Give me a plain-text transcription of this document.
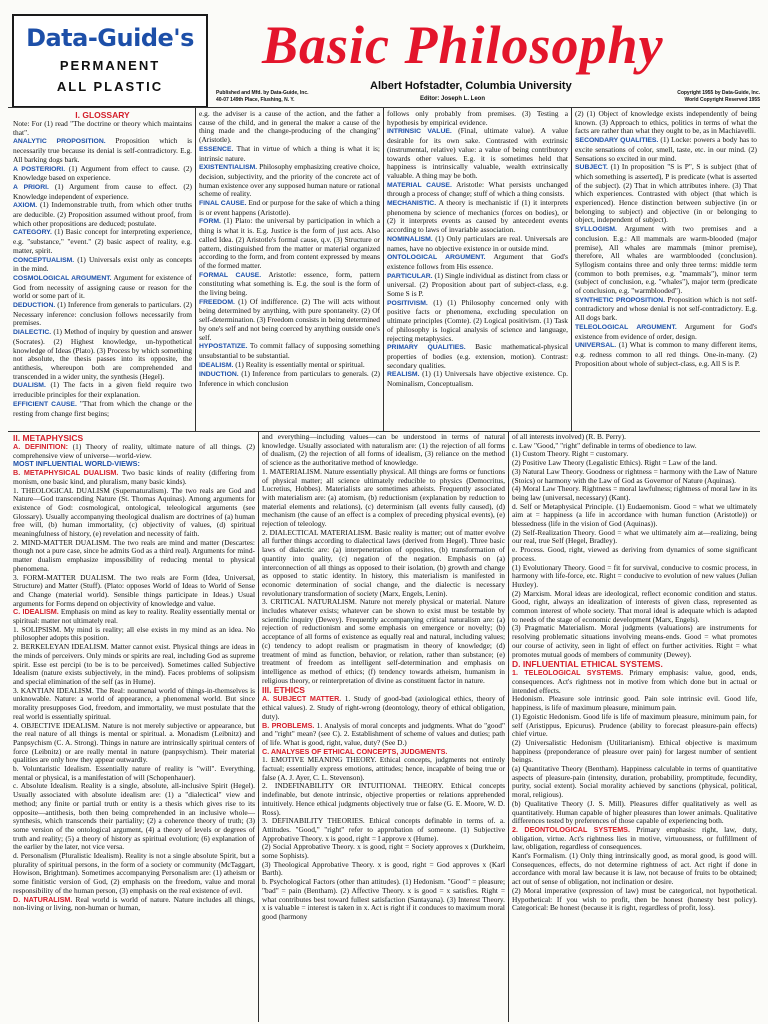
Data-Guide's
PERMANENT
ALL PLASTIC
Basic Philosophy
Albert Hofstadter, Columbia University
Editor: Joseph L. Leon
Published and Mfd. by Data-Guide, Inc.
40-07 149th Place, Flushing, N. Y.
Copyright 1955 by Data-Guide, Inc.
World Copyright Reserved 1955
I. GLOSSARY

Note: For (1) read "The doctrine or theory which maintains that".

ANALYTIC PROPOSITION. Proposition which is necessarily true because its denial is self-contradictory. E.g. All barking dogs bark.

A POSTERIORI. (1) Argument from effect to cause. (2) Knowledge based on experience.

A PRIORI. (1) Argument from cause to effect. (2) Knowledge independent of experience.

AXIOM. (1) Indemonstrable truth, from which other truths are deducible. (2) Proposition assumed without proof, from which other propositions are deduced; postulate.

CATEGORY. (1) Basic concept for interpreting experience, e.g. "substance," "event." (2) basic aspect of reality, e.g. matter, spirit.

CONCEPTUALISM. (1) Universals exist only as concepts in the mind.

COSMOLOGICAL ARGUMENT. Argument for existence of God from necessity of assigning cause or reason for the world or some part of it.

DEDUCTION. (1) Inference from generals to particulars. (2) Necessary inference: conclusion follows necessarily from premises.

DIALECTIC. (1) Method of inquiry by question and answer (Socrates). (2) Highest knowledge, un-hypothetical knowledge of Ideas (Plato). (3) Process by which something not absolute, the thesis passes into its opposite, the antithesis, whereupon both are comprehended and transcended in a wider unity, the synthesis (Hegel).

DUALISM. (1) The facts in a given field require two irreducible principles for their explanation.

EFFICIENT CAUSE. "That from which the change or the resting from change first begins;

e.g. the adviser is a cause of the action, and the father a cause of the child, and in general the maker a cause of the thing made and the change-producing of the changing" (Aristotle).

ESSENCE. That in virtue of which a thing is what it is; intrinsic nature.

EXISTENTIALISM. Philosophy emphasizing creative choice, decision, subjectivity, and the priority of the concrete act of human existence over any supposed human nature or rational scheme of reality.

FINAL CAUSE. End or purpose for the sake of which a thing is or event happens (Aristotle).

FORM. (1) Plato: the universal by participation in which a thing is what it is. E.g. Justice is the form of just acts. Also called Idea. (2) Aristotle's formal cause, q.v. (3) Structure or pattern, distinguished from the matter or material organized according to the form, and from content expressed by means of the formed matter.

FORMAL CAUSE. Aristotle: essence, form, pattern constituting what something is. E.g. the soul is the form of the living being.

FREEDOM. (1) Of indifference. (2) The will acts without being determined by anything, with pure spontaneity. (2) Of self-determination. (3) Freedom consists in being determined by one's self and not being coerced by anything outside one's self.

HYPOSTATIZE. To commit fallacy of supposing something unsubstantial to be substantial.

IDEALISM. (1) Reality is essentially mental or spiritual.

INDUCTION. (1) Inference from particulars to generals. (2) Inference in which conclusion

follows only probably from premises. (3) Testing a hypothesis by empirical evidence.

INTRINSIC VALUE. (Final, ultimate value). A value desirable for its own sake. Contrasted with extrinsic (instrumental, relative) value: a value of being contributory towards other values. E.g. it is sometimes held that happiness is intrinsically valuable, wealth extrinsically valuable. A thing may be both.

MATERIAL CAUSE. Aristotle: What persists unchanged through a process of change; stuff of which a thing consists.

MECHANISTIC. A theory is mechanistic if (1) it interprets phenomena by science of mechanics (forces on bodies), or (2) it interprets events as caused by antecedent events according to laws of invariable association.

NOMINALISM. (1) Only particulars are real. Universals are names, have no objective existence in or outside mind.

ONTOLOGICAL ARGUMENT. Argument that God's existence follows from His essence.

PARTICULAR. (1) Single individual as distinct from class or universal. (2) Proposition about part of subject-class, e.g. Some S is P.

POSITIVISM. (1) (1) Philosophy concerned only with positive facts or phenomena, excluding speculation on ultimate principles (Comte). (2) Logical positivism. (1) Task of philosophy is logical analysis of science and language, rejecting metaphysics.

PRIMARY QUALITIES. Basic mathematical-physical properties of bodies (e.g. extension, motion). Contrast: secondary qualities.

REALISM. (1) (1) Universals have objective existence. Cp. Nominalism, Conceptualism.

(2) (1) Object of knowledge exists independently of being known. (3) Approach to ethics, politics in terms of what the facts are rather than what they ought to be, as in Machiavelli.

SECONDARY QUALITIES. (1) Locke: powers a body has to excite sensations of color, smell, taste, etc. in our mind. (2) Sensations so excited in our mind.

SUBJECT. (1) In proposition "S is P", S is subject (that of which something is asserted), P is predicate (what is asserted of the subject). (2) That in which attributes inhere. (3) That which experiences. Contrasted with object (that which is experienced). Hence distinction between subjective (in or belonging to subject) and objective (in or belonging to object, independent of subject).

SYLLOGISM. Argument with two premises and a conclusion. E.g.: All mammals are warm-blooded (major premise), All whales are mammals (minor premise), therefore, All whales are warmblooded (conclusion). Syllogism contains three and only three terms: middle term (common to both premises, e.g. "mammals"), minor term (subject of conclusion, e.g. "whales"), major term (predicate of conclusion, e.g. "warmblooded").

SYNTHETIC PROPOSITION. Proposition which is not self-contradictory and whose denial is not self-contradictory. E.g. All dogs bark.

TELEOLOGICAL ARGUMENT. Argument for God's existence from evidence of order, design.

UNIVERSAL. (1) What is common to many different items, e.g. redness common to all red things. One-in-many. (2) Proposition about whole of subject-class, e.g. All S is P.

II. METAPHYSICS

A. DEFINITION: (1) Theory of reality, ultimate nature of all things. (2) comprehensive view of universe—world-view.

MOST INFLUENTIAL WORLD-VIEWS:

B. METAPHYSICAL DUALISM. Two basic kinds of reality (differing from monism, one basic kind, and pluralism, many basic kinds).

1. THEOLOGICAL DUALISM (Supernaturalism). The two reals are God and Nature—God transcending Nature (St. Thomas Aquinas). Among arguments for existence of God: cosmological, ontological, teleological arguments (see Glossary). Usually accompanying theological dualism are doctrines of (a) human free will, (b) human immortality, (c) objectivity of values, (d) spiritual meaningfulness of history, (e) revelation and necessity of faith.

2. MIND-MATTER DUALISM. The two reals are mind and matter (Descartes: though not a pure case, since he admits God as a third real). Arguments for mind-matter dualism emphasize impossibility of reducing mental to physical phenomena.

3. FORM-MATTER DUALISM. The two reals are Form (Idea, Universal, Structure) and Matter (Stuff). (Plato: opposes World of Ideas to World of Sense and Change (material world). Sensible things participate in Ideas.) Usual arguments for Forms depend on objectivity of knowledge and value.

C. IDEALISM. Emphasis on mind as key to reality. Reality essentially mental or spiritual: matter not ultimately real.

1. SOLIPSISM. My mind is reality; all else exists in my mind as an idea. No philosopher adopts this position.

2. BERKELEYAN IDEALISM. Matter cannot exist. Physical things are ideas in the minds of perceivers. Only minds or spirits are real, including God as supreme spirit. Esse est percipi (to be is to be perceived). Sometimes called Subjective Idealism (nature exists subjectively, in the mind). Faces problems of solipsism and special elimination of the self (as in Hume).

3. KANTIAN IDEALISM. The Real: noumenal world of things-in-themselves is unknowable. Nature: a world of appearance, a phenomenal world. But since morality presupposes God, freedom, and immortality, we must postulate that the real world is essentially spiritual.

4. OBJECTIVE IDEALISM. Nature is not merely subjective or appearance, but the real nature of all things is mental or spiritual. a. Monadism (Leibnitz) and Panpsychism (C. A. Strong). Things in nature are intrinsically spiritual centers of force (Leibnitz) or are really mental in nature (panpsychism). Their material qualities are only how they appear outwardly.

b. Voluntaristic Idealism. Essentially nature of reality is "will". Everything, mental or physical, is a manifestation of will (Schopenhauer).

c. Absolute Idealism. Reality is a single, absolute, all-inclusive Spirit (Hegel). Usually associated with absolute idealism are: (1) a "dialectical" view and method; any finite or partial truth or entity is a thesis which gives rise to its opposite—antithesis, both then being comprehended in an inclusive whole—synthesis, which transcends their partiality; (2) a coherence theory of truth; (3) some version of the ontological argument, (4) a theory of levels or degrees of truth and reality; (5) a theory of history as spiritual evolution; (6) explanation of the earlier by the later, not vice versa.

d. Personalism (Pluralistic Idealism). Reality is not a single absolute Spirit, but a plurality of spiritual persons, in the form of a society or community (McTaggart, Howison, Brightman). Sometimes accompanying Personalism are: (1) atheism or some finitistic version of God, (2) emphasis on the freedom, value and moral responsibility of the human person, (3) emphasis on the real existence of evil.

D. NATURALISM. Real world is world of nature. Nature includes all things, non-living or living, non-human or human,

and everything—including values—can be understood in terms of natural knowledge. Usually associated with naturalism are: (1) the rejection of all forms of dualism, (2) the rejection of all forms of idealism, (3) reliance on the method of science as the authoritative method of knowledge.

1. MATERIALISM. Nature essentially physical. All things are forms or functions of physical matter; all science ultimately reducible to physics (Democritus, Lucretius, Hobbes). Materialists are sometimes atheists. Frequently associated with materialism are: (a) atomism, (b) reductionism (explanation by reduction to material elements and relations), (c) determinism (all events fully caused), (d) mechanism (the cause of an effect is a complex of preceding physical events), (e) rejection of teleology.

2. DIALECTICAL MATERIALISM. Basic reality is matter; out of matter evolve all further things according to dialectical laws (derived from Hegel). Three basic laws of dialectic are: (a) interpenetration of opposites, (b) transformation of quantity into quality, (c) negation of the negation. Emphasis on (a) interconnection of all things as opposed to their isolation, (b) growth and change as opposed to static identity. In history, this materialism is manifested in economic determination of social change, and the dialectic is necessary revolutionary transformation of society (Marx, Engels, Lenin).

3. CRITICAL NATURALISM. Nature not merely physical or material. Nature includes whatever exists; whatever can be shown to exist must be testable by scientific inquiry (Dewey). Frequently accompanying critical naturalism are: (a) rejection of reductionism and some emphasis on emergence or novelty; (b) acceptance of all forms of existence as equally real and natural, including values; (c) tendency to adopt realism or pragmatism in theory of knowledge; (d) treatment of mind as function, behavior, or relation, rather than substance; (e) treatment of freedom as intelligent self-determination and emphasis on intelligence as method of ethics; (f) tendency towards atheism, humanism in religious theory, or reinterpretation of divine as constituent factor in nature.

III. ETHICS

A. SUBJECT MATTER. 1. Study of good-bad (axiological ethics, theory of ethical values). 2. Study of right-wrong (deontology, theory of ethical obligation, duty).

B. PROBLEMS. 1. Analysis of moral concepts and judgments. What do "good" and "right" mean? (see C). 2. Establishment of scheme of values and duties; path of life. What is good, right, value, duty? (See D.)

C. ANALYSES OF ETHICAL CONCEPTS, JUDGMENTS.

1. EMOTIVE MEANING THEORY. Ethical concepts, judgments not entirely factual; essentially express emotions, attitudes; hence, incapable of being true or false (A. J. Ayer, C. L. Stevenson).

2. INDEFINABILITY OR INTUITIONAL THEORY. Ethical concepts indefinable, but denote intrinsic, objective properties or relations apprehended intuitively. Hence ethical judgments objectively true or false (G. E. Moore, W. D. Ross).

3. DEFINABILITY THEORIES. Ethical concepts definable in terms of. a. Attitudes. "Good," "right" refer to approbation of someone. (1) Subjective Approbative Theory. x is good, right = I approve x (Hume).

(2) Social Approbative Theory. x is good, right = Society approves x (Durkheim, some Sophists).

(3) Theological Approbative Theory. x is good, right = God approves x (Karl Barth).

b. Psychological Factors (other than attitudes). (1) Hedonism. "Good" = pleasure; "bad" = pain (Bentham). (2) Affective Theory. x is good = x satisfies. Right = what contributes best toward fullest satisfaction (Santayana). (3) Interest Theory. x is valuable = interest is taken in x. Act is right if it conduces to maximum moral good (harmony

of all interests involved) (R. B. Perry).

c. Law "Good," "right" definable in terms of obedience to law.

(1) Custom Theory. Right = customary.

(2) Positive Law Theory (Legalistic Ethics). Right = Law of the land.

(3) Natural Law Theory. Goodness or rightness = harmony with the Law of Nature (Stoics) or harmony with the Law of God as Governor of Nature (Aquinas).

(4) Moral Law Theory. Rightness = moral lawfulness; rightness of moral law in its being law (universal, necessary) (Kant).

d. Self or Metaphysical Principle. (1) Eudaemonism. Good = what we ultimately aim at = happiness (a life in accordance with human function (Aristotle)) or blessedness (life in the vision of God (Aquinas)).

(2) Self-Realization Theory. Good = what we ultimately aim at—realizing, being our real, true Self (Hegel, Bradley).

e. Process. Good, right, viewed as deriving from dynamics of some significant process.

(1) Evolutionary Theory. Good = fit for survival, conducive to cosmic process, in harmony with life-force, etc. Right = conducive to evolution of new values (Julian Huxley).

(2) Marxism. Moral ideas are ideological, reflect economic condition and status. Good, right, always an idealization of interests of given class, represented as common interest of whole society. That moral ideal is adequate which is adapted to needs of the stage of economic development (Marx, Engels).

(3) Pragmatic Materialism. Moral judgments (valuations) are instruments for resolving problematic situations involving means-ends. Good = what promotes our course of activity, seen in light of effect on further activities. Right = what promotes mutual goods of members of community (Dewey).

D. INFLUENTIAL ETHICAL SYSTEMS.

1. TELEOLOGICAL SYSTEMS. Primary emphasis: value, good, ends, consequences. Act's rightness not in motive from which done but in actual or intended effects.

Hedonism. Pleasure sole intrinsic good. Pain sole intrinsic evil. Good life, happiness, is life of maximum pleasure, minimum pain.

(1) Egoistic Hedonism. Good life is life of maximum pleasure, minimum pain, for self (Aristippus, Epicurus). Prudence (ability to forecast pleasure-pain effects) chief virtue.

(2) Universalistic Hedonism (Utilitarianism). Ethical objective is maximum happiness (preponderance of pleasure over pain) for largest number of sentient beings.

(a) Quantitative Theory (Bentham). Happiness calculable in terms of quantitative aspects of pleasure-pain (intensity, duration, probability, promptitude, fecundity, purity, social extent). Social morality achieved by sanctions (physical, political, moral, religious).

(b) Qualitative Theory (J. S. Mill). Pleasures differ qualitatively as well as quantitatively. Human capable of higher pleasures than lower animals. Qualitative differences tested by preferences of those capable of experiencing both.

2. DEONTOLOGICAL SYSTEMS. Primary emphasis: right, law, duty, obligation, virtue. Act's rightness lies in motive, virtuousness, or fulfillment of law, obligation, regardless of consequences.

Kant's Formalism. (1) Only thing intrinsically good, as moral good, is good will. Consequences, effects, do not determine rightness of act. Act right if done in accordance with moral law because it is law, not because of fruits to be obtained; act out of sense of obligation, not inclination or desire.

(2) Moral imperative (expression of law) must be categorical, not hypothetical. Hypothetical: If you wish to profit, then be honest (honesty best policy). Categorical: Be honest (because it is right, regardless of profit, loss).
